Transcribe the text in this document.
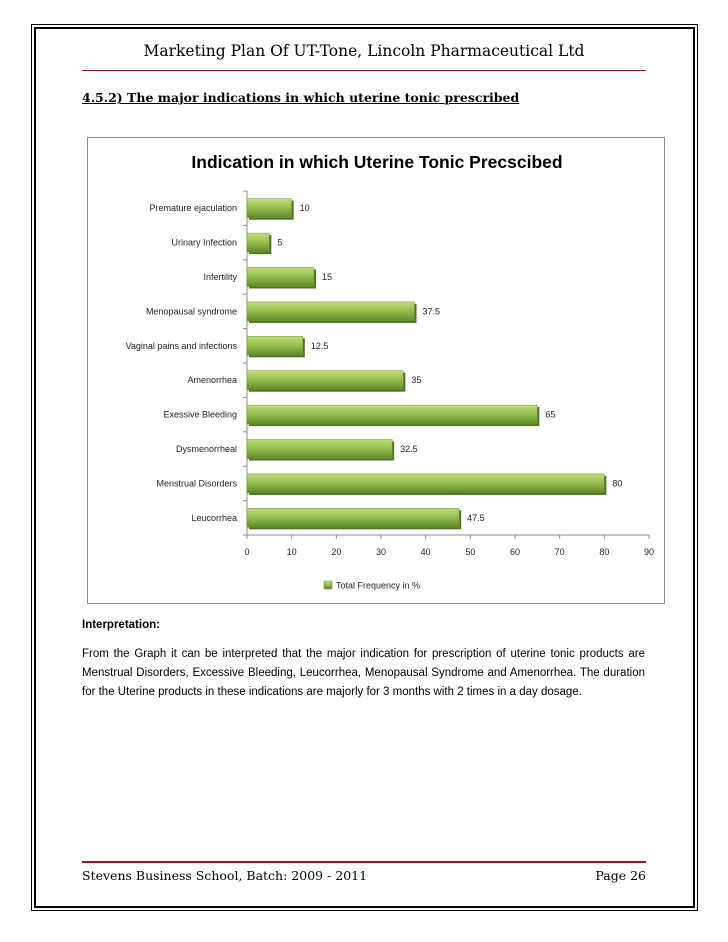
Marketing Plan Of UT-Tone, Lincoln Pharmaceutical Ltd
4.5.2) The major indications in which uterine tonic prescribed
Indication in which Uterine Tonic Precscibed
0	10	20	30	40	50	60	70	80	90
Premature ejaculation	10
Urinary Infection	5
Infertility	15
Menopausal syndrome	37.5
Vaginal pains and infections	12.5
Amenorrhea	35
Exessive Bleeding	65
Dysmenorrheal	32.5
Menstrual Disorders	80
Leucorrhea	47.5
Total Frequency in %
Interpretation:
From the Graph it can be interpreted that the major indication for prescription of uterine tonic products are Menstrual Disorders, Excessive Bleeding, Leucorrhea, Menopausal Syndrome and Amenorrhea. The duration for the Uterine products in these indications are majorly for 3 months with 2 times in a day dosage.
Stevens Business School, Batch: 2009 - 2011	Page 26
